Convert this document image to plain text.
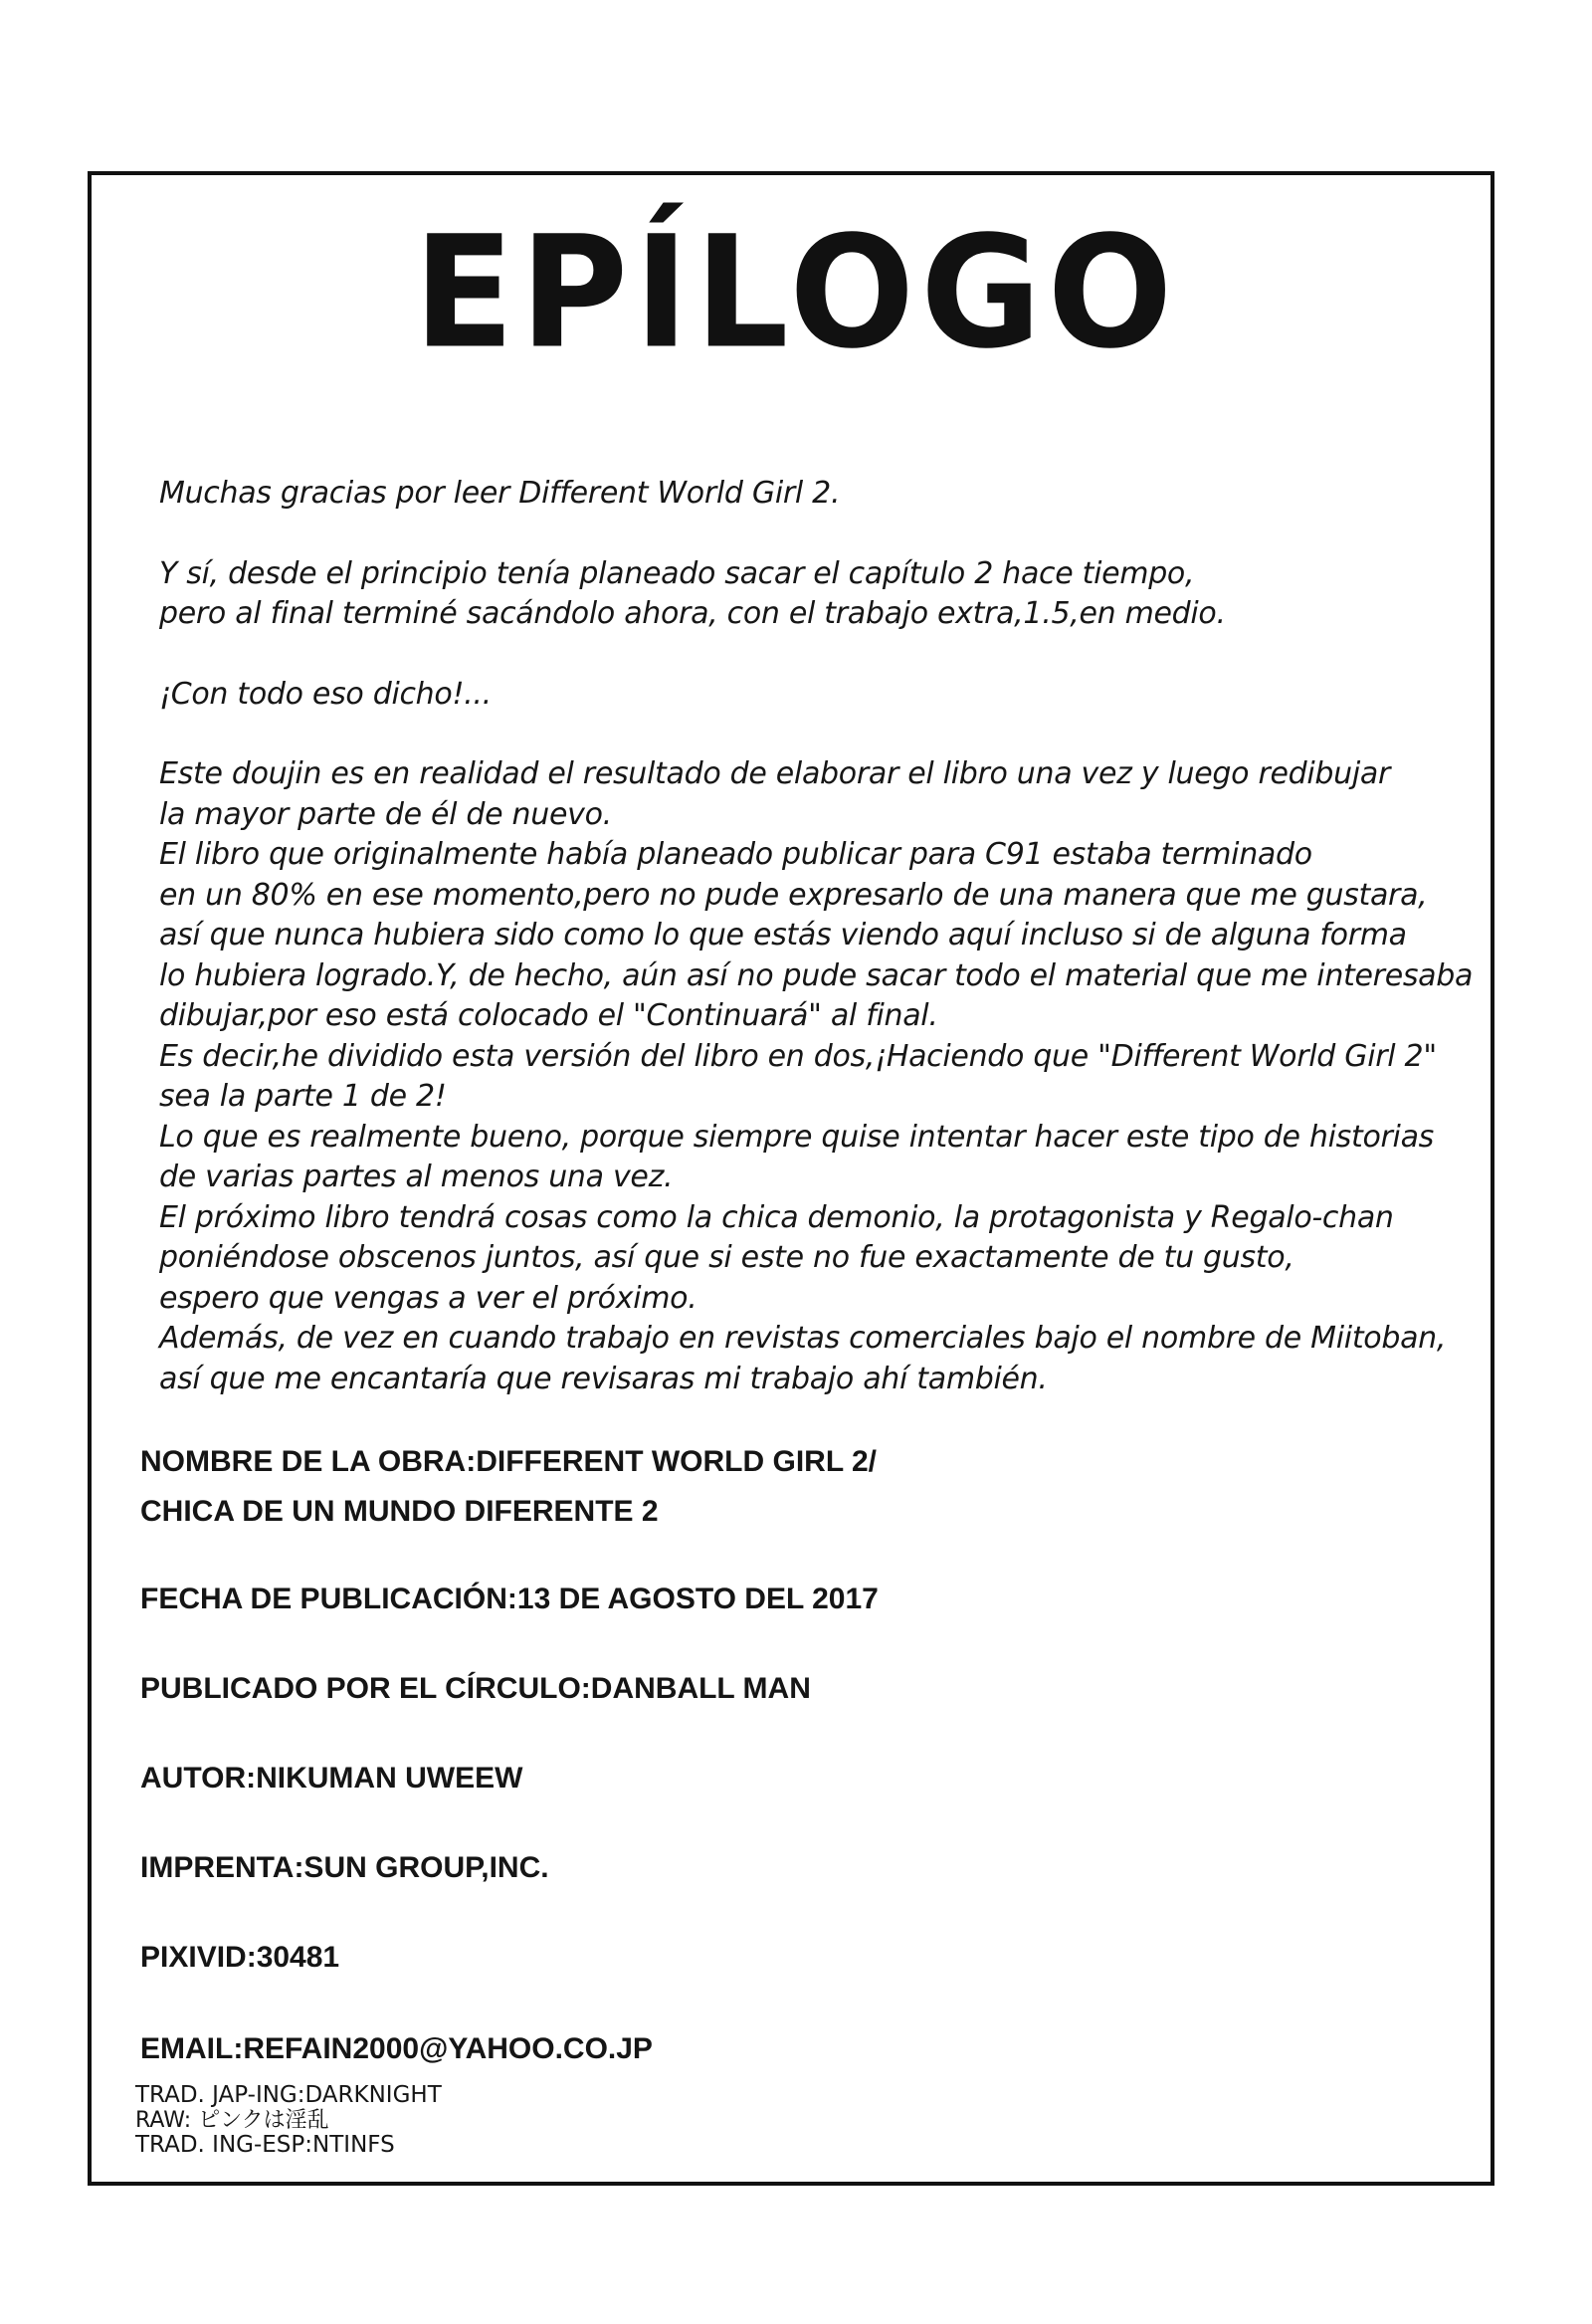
EPÍLOGO

Muchas gracias por leer Different World Girl 2.

Y sí, desde el principio tenía planeado sacar el capítulo 2 hace tiempo,

pero al final terminé sacándolo ahora, con el trabajo extra,1.5,en medio.

¡Con todo eso dicho!...

Este doujin es en realidad el resultado de elaborar el libro una vez y luego redibujar

la mayor parte de él de nuevo.

El libro que originalmente había planeado publicar para C91 estaba terminado

en un 80% en ese momento,pero no pude expresarlo de una manera que me gustara,

así que nunca hubiera sido como lo que estás viendo aquí incluso si de alguna forma

lo hubiera logrado.Y, de hecho, aún así no pude sacar todo el material que me interesaba

dibujar,por eso está colocado el "Continuará" al final.

Es decir,he dividido esta versión del libro en dos,¡Haciendo que "Different World Girl 2"

sea la parte 1 de 2!

Lo que es realmente bueno, porque siempre quise intentar hacer este tipo de historias

de varias partes al menos una vez.

El próximo libro tendrá cosas como la chica demonio, la protagonista y Regalo-chan

poniéndose obscenos juntos, así que si este no fue exactamente de tu gusto,

espero que vengas a ver el próximo.

Además, de vez en cuando trabajo en revistas comerciales bajo el nombre de Miitoban,

así que me encantaría que revisaras mi trabajo ahí también.

NOMBRE DE LA OBRA:DIFFERENT WORLD GIRL 2/

CHICA DE UN MUNDO DIFERENTE 2

FECHA DE PUBLICACIÓN:13 DE AGOSTO DEL 2017

PUBLICADO POR EL CÍRCULO:DANBALL MAN

AUTOR:NIKUMAN UWEEW

IMPRENTA:SUN GROUP,INC.

PIXIVID:30481

EMAIL:REFAIN2000@YAHOO.CO.JP

TRAD. JAP-ING:DARKNIGHT

RAW: ピンクは淫乱

TRAD. ING-ESP:NTINFS
